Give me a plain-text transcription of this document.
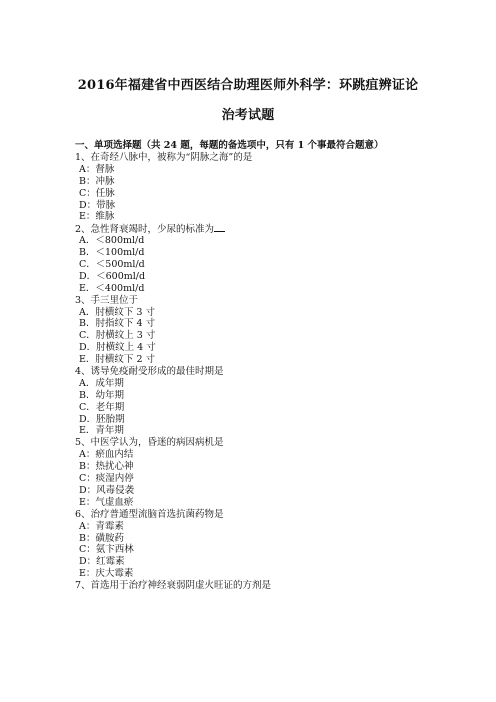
2016年福建省中西医结合助理医师外科学：环跳疽辨证论
治考试题
一、单项选择题（共 24 题，每题的备选项中，只有 1 个事最符合题意）
1、在奇经八脉中，被称为“阴脉之海”的是
A：督脉
B：冲脉
C：任脉
D：带脉
E：维脉
2、急性肾衰竭时，少尿的标准为
A．＜800ml/d
B．＜100ml/d
C．＜500ml/d
D．＜600ml/d
E．＜400ml/d
3、手三里位于
A．肘横纹下 3 寸
B．肘指纹下 4 寸
C．肘横纹上 3 寸
D．肘横纹上 4 寸
E．肘横纹下 2 寸
4、诱导免疫耐受形成的最佳时期是
A．成年期
B．幼年期
C．老年期
D．胚胎期
E．青年期
5、中医学认为，昏迷的病因病机是
A：瘀血内结
B：热扰心神
C：痰湿内停
D：风毒侵袭
E：气虚血瘀
6、治疗普通型流脑首选抗菌药物是
A：青霉素
B：磺胺药
C：氨卞西林
D：红霉素
E：庆大霉素
7、首选用于治疗神经衰弱阴虚火旺证的方剂是
